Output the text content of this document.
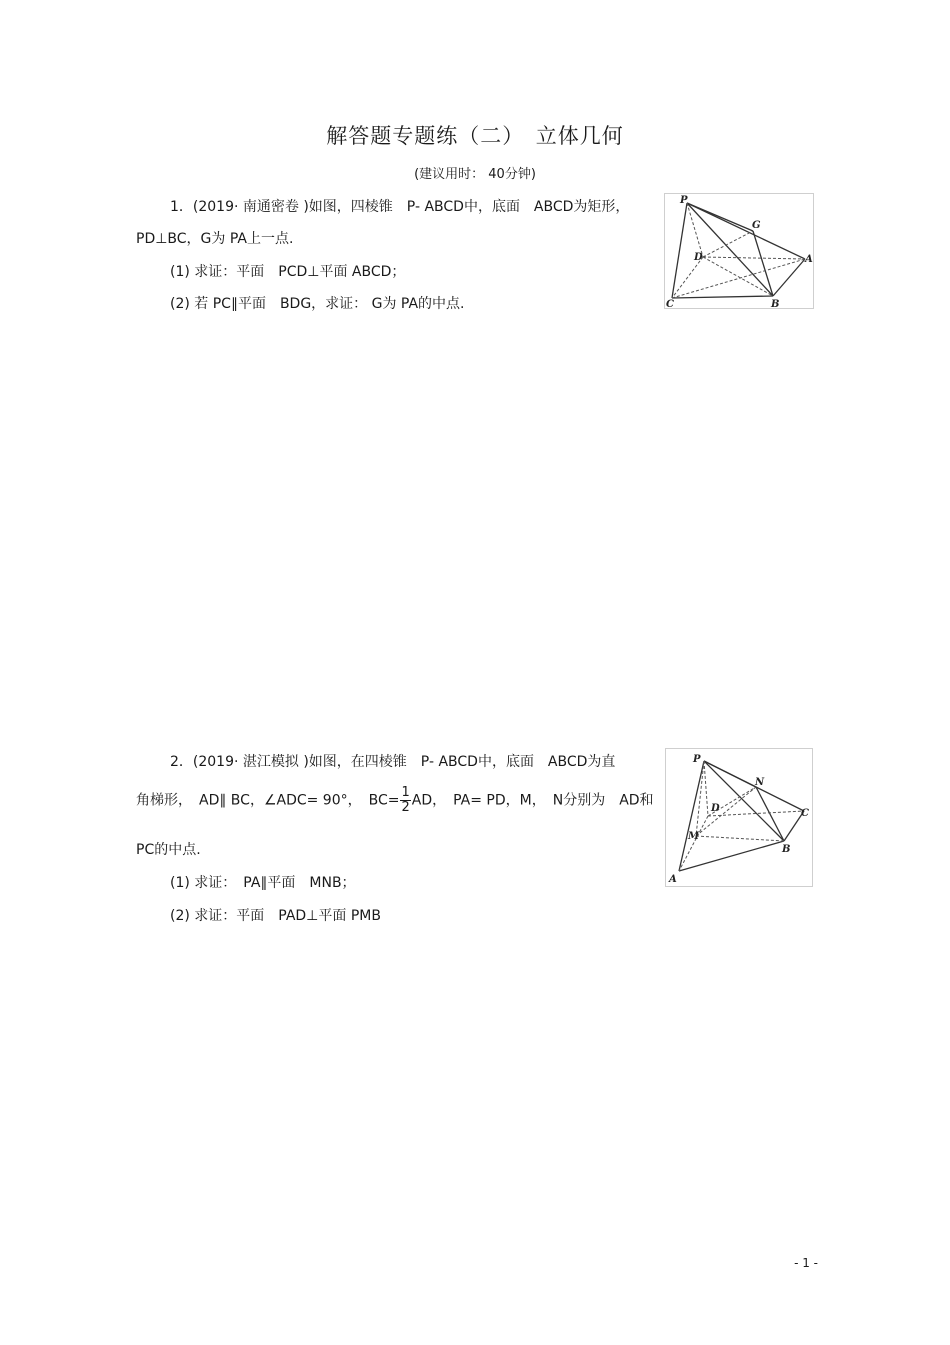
解答题专题练（二）　立体几何
(建议用时： 40分钟)
1．(2019· 南通密卷 )如图，四棱锥　P- ABCD中，底面　ABCD为矩形，
PD⊥BC，G为 PA上一点.
(1) 求证：平面　PCD⊥平面 ABCD；
(2) 若 PC∥平面　BDG，求证： G为 PA的中点.
P
G
D	A
C	B
2．(2019· 湛江模拟 )如图，在四棱锥　P- ABCD中，底面　ABCD为直
角梯形，　AD∥ BC，∠ADC= 90°，　$BC= \frac{1}{2}$ AD，　PA= PD，M，　N分别为　AD和
PC的中点.
(1) 求证：　PA∥平面　MNB；
(2) 求证：平面　PAD⊥平面 PMB
P
N
D	C
M
B
A
- 1 -
